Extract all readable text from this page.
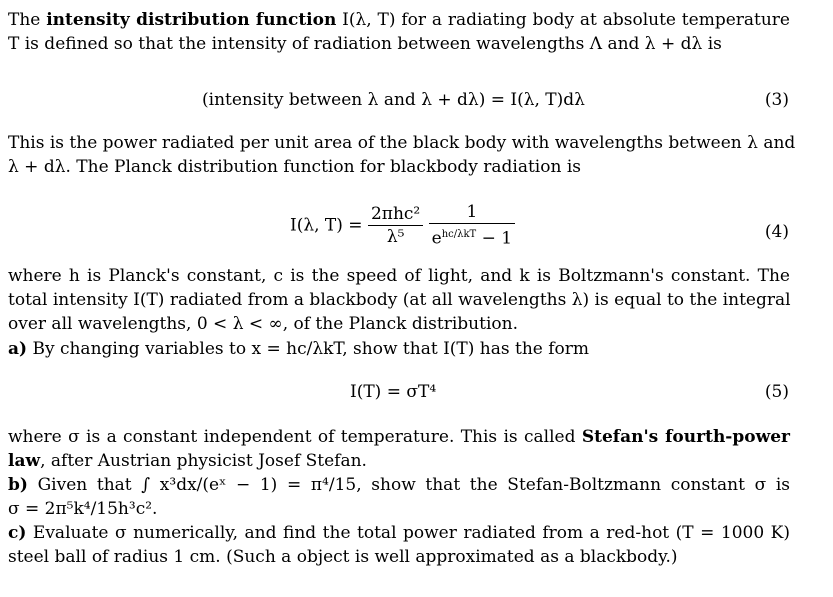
The intensity distribution function I(λ, T) for a radiating body at absolute temperature
T is defined so that the intensity of radiation between wavelengths Λ and λ + dλ is
(intensity between λ and λ + dλ) = I(λ, T)dλ	(3)
This is the power radiated per unit area of the black body with wavelengths between λ and
λ + dλ. The Planck distribution function for blackbody radiation is
I(λ, $T) = \frac{\text{2πhc²}}{\text{λ⁵}}$
$\frac{1}{e^{hc/\lambda kT} - 1}$	(4)
where h is Planck's constant, c is the speed of light, and k is Boltzmann's constant. The
total intensity I(T) radiated from a blackbody (at all wavelengths λ) is equal to the integral
over all wavelengths, 0 < λ < ∞, of the Planck distribution.
a) By changing variables to x = hc/λkT, show that I(T) has the form
I(T) = σT⁴	(5)
where σ is a constant independent of temperature. This is called Stefan's fourth-power
law, after Austrian physicist Josef Stefan.
b) Given that ∫ x³dx/(eˣ − 1) = π⁴/15, show that the Stefan-Boltzmann constant σ is
σ = 2π⁵k⁴/15h³c².
c) Evaluate σ numerically, and find the total power radiated from a red-hot (T = 1000 K)
steel ball of radius 1 cm. (Such a object is well approximated as a blackbody.)
